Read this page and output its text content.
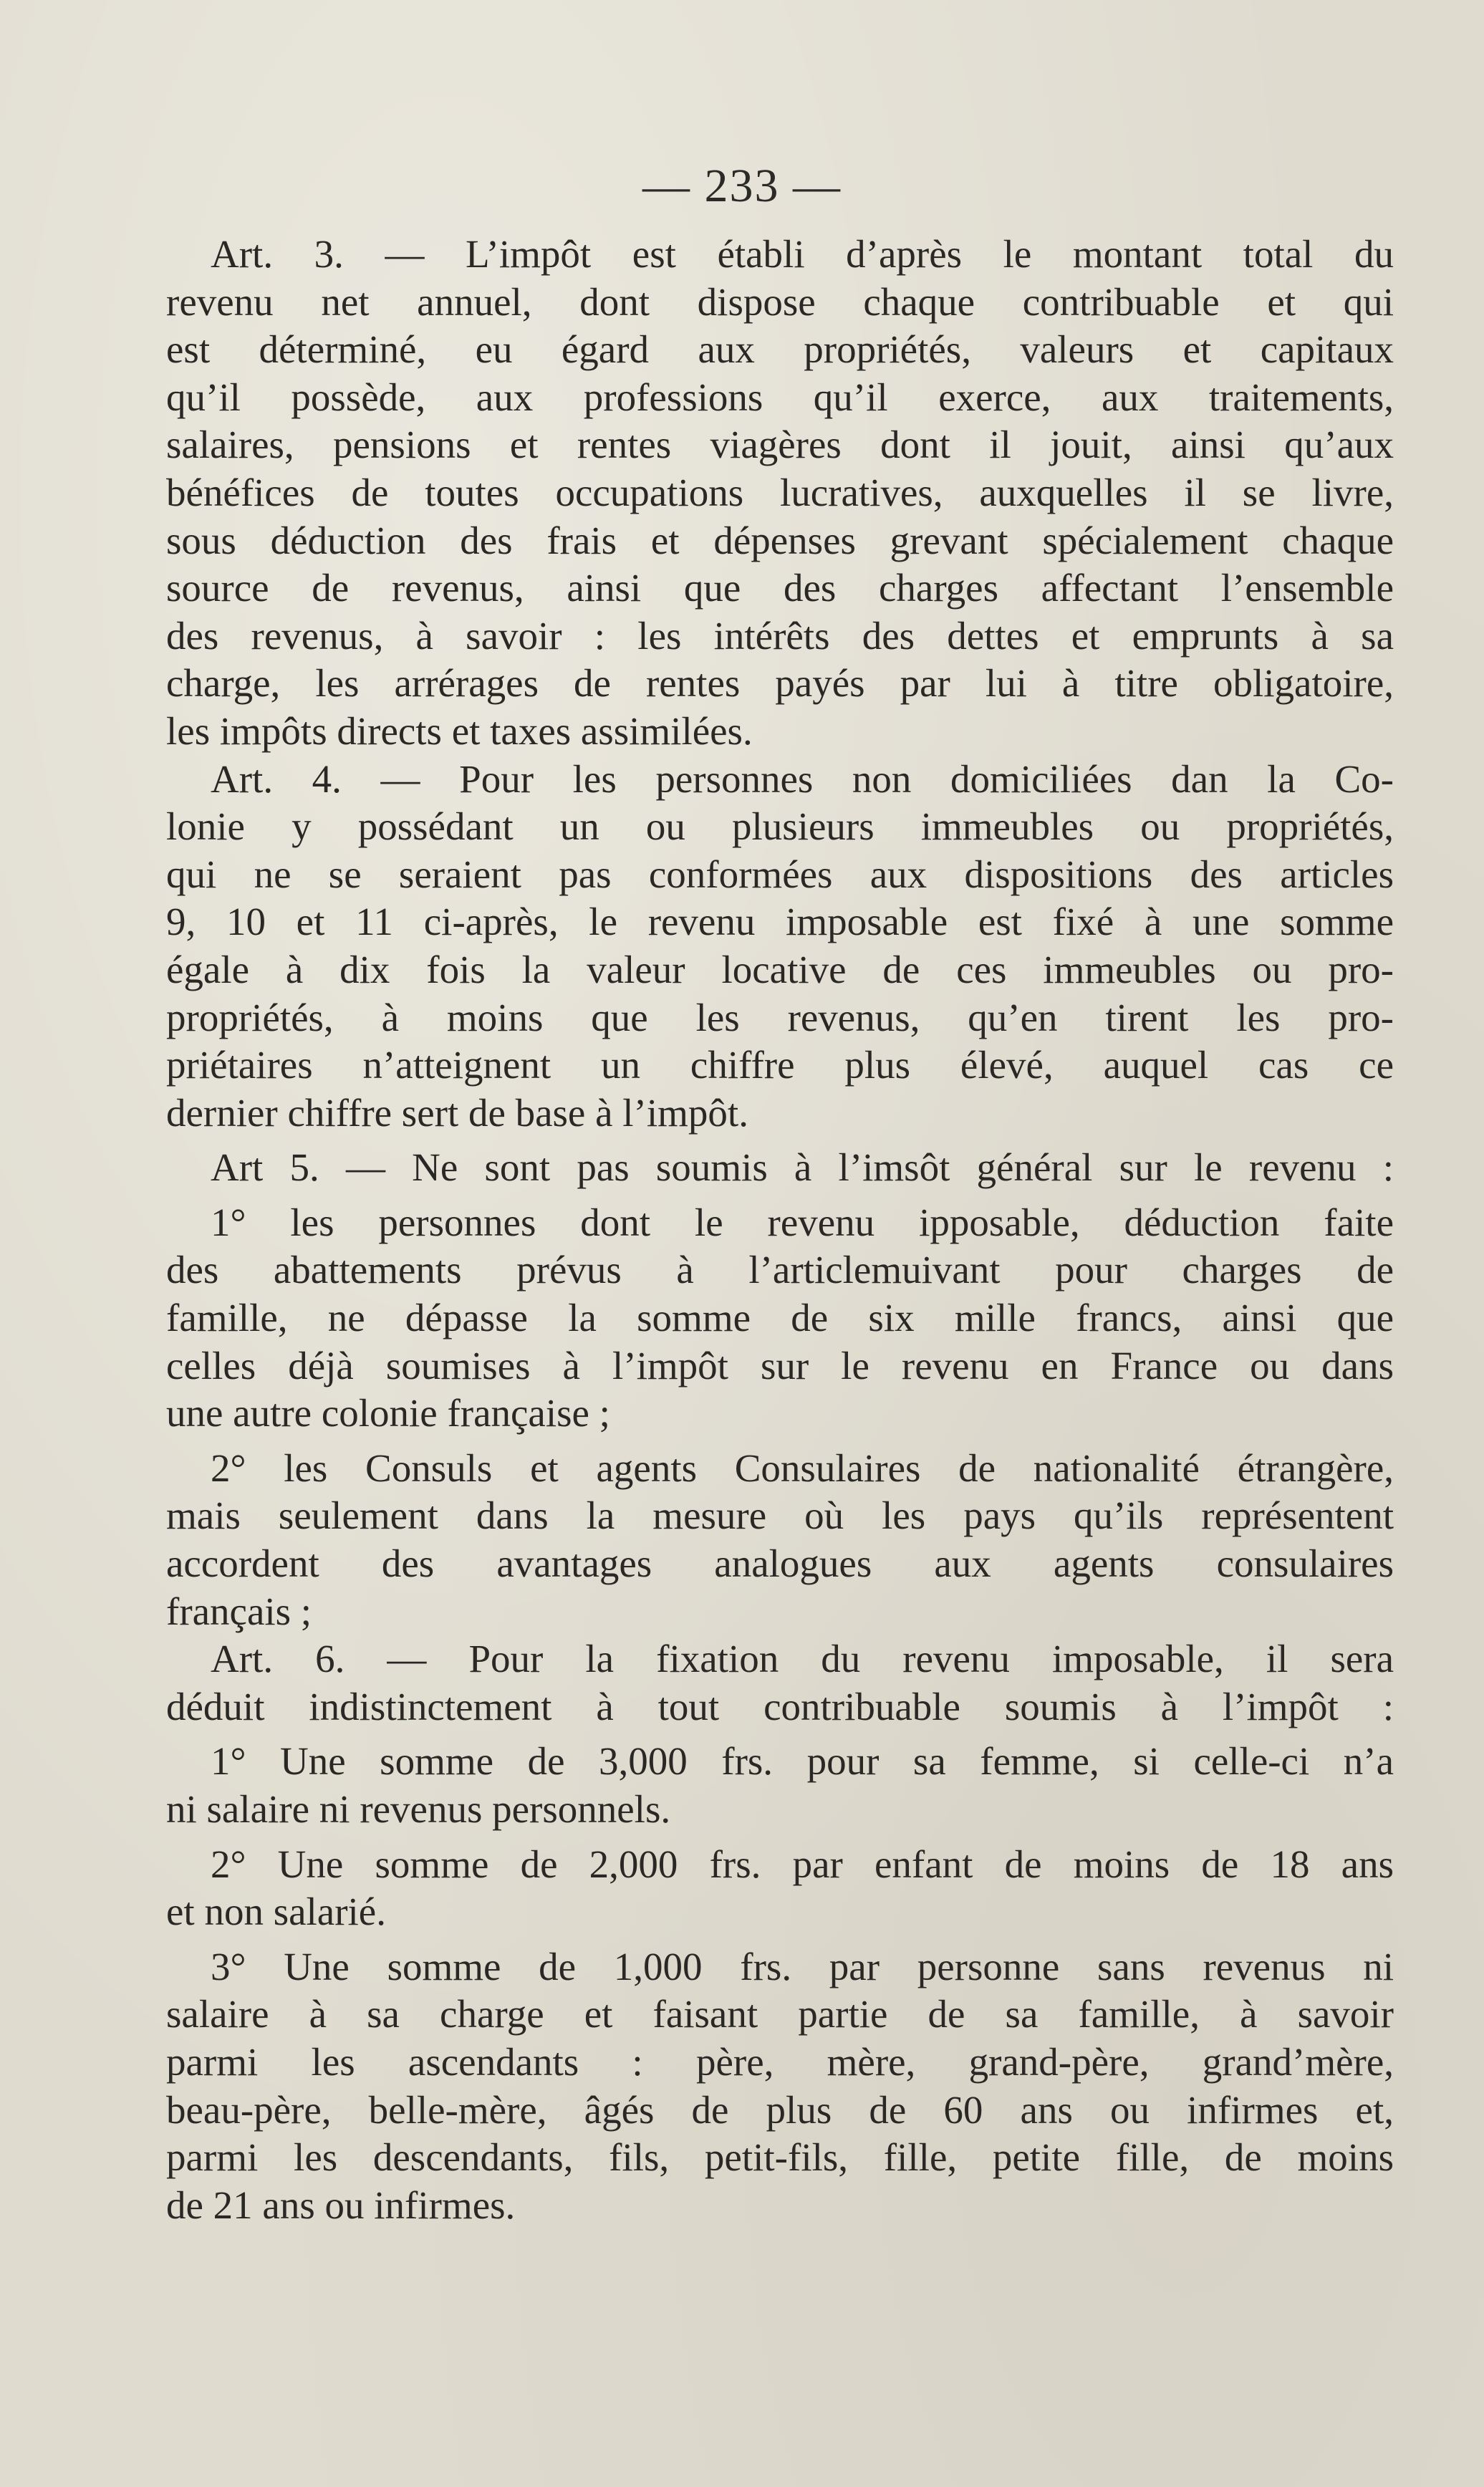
— 233 —
Art. 3. — L’impôt est établi d’après le montant total du
revenu net annuel, dont dispose chaque contribuable et qui
est déterminé, eu égard aux propriétés, valeurs et capitaux
qu’il possède, aux professions qu’il exerce, aux traitements,
salaires, pensions et rentes viagères dont il jouit, ainsi qu’aux
bénéfices de toutes occupations lucratives, auxquelles il se livre,
sous déduction des frais et dépenses grevant spécialement chaque
source de revenus, ainsi que des charges affectant l’ensemble
des revenus, à savoir : les intérêts des dettes et emprunts à sa
charge, les arrérages de rentes payés par lui à titre obligatoire,
les impôts directs et taxes assimilées.
Art. 4. — Pour les personnes non domiciliées dan la Co-
lonie y possédant un ou plusieurs immeubles ou propriétés,
qui ne se seraient pas conformées aux dispositions des articles
9, 10 et 11 ci-après, le revenu imposable est fixé à une somme
égale à dix fois la valeur locative de ces immeubles ou pro-
propriétés, à moins que les revenus, qu’en tirent les pro-
priétaires n’atteignent un chiffre plus élevé, auquel cas ce
dernier chiffre sert de base à l’impôt.
Art 5. — Ne sont pas soumis à l’imsôt général sur le revenu :
1° les personnes dont le revenu ipposable, déduction faite
des abattements prévus à l’articlemuivant pour charges de
famille, ne dépasse la somme de six mille francs, ainsi que
celles déjà soumises à l’impôt sur le revenu en France ou dans
une autre colonie française ;
2° les Consuls et agents Consulaires de nationalité étrangère,
mais seulement dans la mesure où les pays qu’ils représentent
accordent des avantages analogues aux agents consulaires
français ;
Art. 6. — Pour la fixation du revenu imposable, il sera
déduit indistinctement à tout contribuable soumis à l’impôt :
1° Une somme de 3,000 frs. pour sa femme, si celle-ci n’a
ni salaire ni revenus personnels.
2° Une somme de 2,000 frs. par enfant de moins de 18 ans
et non salarié.
3° Une somme de 1,000 frs. par personne sans revenus ni
salaire à sa charge et faisant partie de sa famille, à savoir
parmi les ascendants : père, mère, grand-père, grand’mère,
beau-père, belle-mère, âgés de plus de 60 ans ou infirmes et,
parmi les descendants, fils, petit-fils, fille, petite fille, de moins
de 21 ans ou infirmes.
